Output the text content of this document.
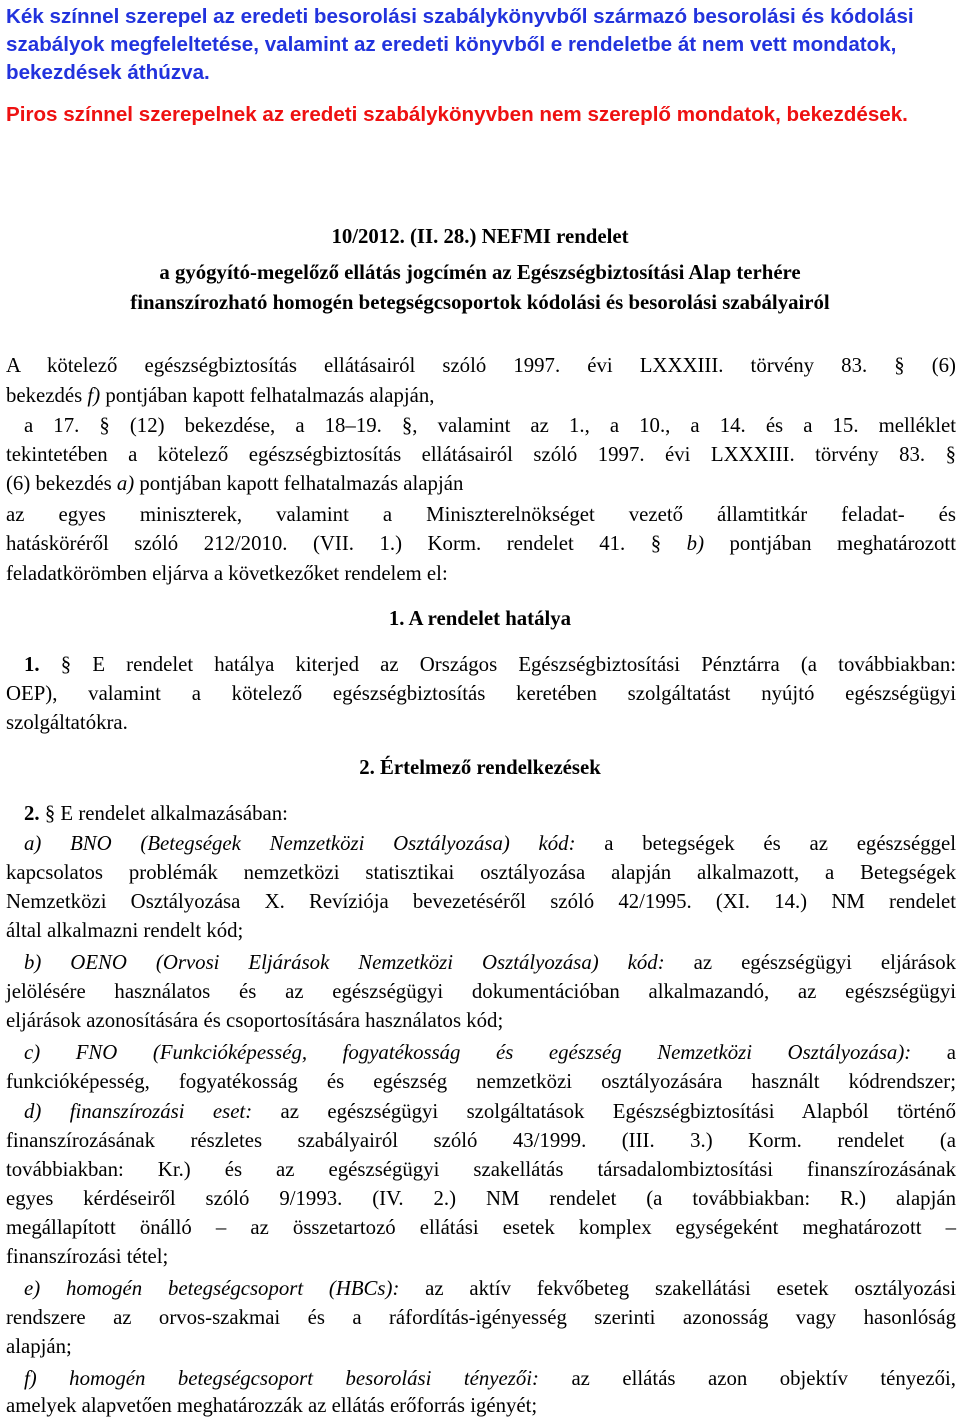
Kék színnel szerepel az eredeti besorolási szabálykönyvből származó besorolási és kódolási szabályok megfeleltetése, valamint az eredeti könyvből e rendeletbe át nem vett mondatok, bekezdések áthúzva.
Piros színnel szerepelnek az eredeti szabálykönyvben nem szereplő mondatok, bekezdések.
10/2012. (II. 28.) NEFMI rendelet
a gyógyító-megelőző ellátás jogcímén az Egészségbiztosítási Alap terhére
finanszírozható homogén betegségcsoportok kódolási és besorolási szabályairól
A kötelező egészségbiztosítás ellátásairól szóló 1997. évi LXXXIII. törvény 83. § (6)
bekezdés f) pontjában kapott felhatalmazás alapján,
a 17. § (12) bekezdése, a 18–19. §, valamint az 1., a 10., a 14. és a 15. melléklet
tekintetében a kötelező egészségbiztosítás ellátásairól szóló 1997. évi LXXXIII. törvény 83. §
(6) bekezdés a) pontjában kapott felhatalmazás alapján
az egyes miniszterek, valamint a Miniszterelnökséget vezető államtitkár feladat- és
hatásköréről szóló 212/2010. (VII. 1.) Korm. rendelet 41. § b) pontjában meghatározott
feladatkörömben eljárva a következőket rendelem el:
1. A rendelet hatálya
1. § E rendelet hatálya kiterjed az Országos Egészségbiztosítási Pénztárra (a továbbiakban:
OEP), valamint a kötelező egészségbiztosítás keretében szolgáltatást nyújtó egészségügyi
szolgáltatókra.
2. Értelmező rendelkezések
2. § E rendelet alkalmazásában:
a) BNO (Betegségek Nemzetközi Osztályozása) kód: a betegségek és az egészséggel
kapcsolatos problémák nemzetközi statisztikai osztályozása alapján alkalmazott, a Betegségek
Nemzetközi Osztályozása X. Revíziója bevezetéséről szóló 42/1995. (XI. 14.) NM rendelet
által alkalmazni rendelt kód;
b) OENO (Orvosi Eljárások Nemzetközi Osztályozása) kód: az egészségügyi eljárások
jelölésére használatos és az egészségügyi dokumentációban alkalmazandó, az egészségügyi
eljárások azonosítására és csoportosítására használatos kód;
c) FNO (Funkcióképesség, fogyatékosság és egészség Nemzetközi Osztályozása): a
funkcióképesség, fogyatékosság és egészség nemzetközi osztályozására használt kódrendszer;
d) finanszírozási eset: az egészségügyi szolgáltatások Egészségbiztosítási Alapból történő
finanszírozásának részletes szabályairól szóló 43/1999. (III. 3.) Korm. rendelet (a
továbbiakban: Kr.) és az egészségügyi szakellátás társadalombiztosítási finanszírozásának
egyes kérdéseiről szóló 9/1993. (IV. 2.) NM rendelet (a továbbiakban: R.) alapján
megállapított önálló – az összetartozó ellátási esetek komplex egységeként meghatározott –
finanszírozási tétel;
e) homogén betegségcsoport (HBCs): az aktív fekvőbeteg szakellátási esetek osztályozási
rendszere az orvos-szakmai és a ráfordítás-igényesség szerinti azonosság vagy hasonlóság
alapján;
f) homogén betegségcsoport besorolási tényezői: az ellátás azon objektív tényezői,
amelyek alapvetően meghatározzák az ellátás erőforrás igényét;
